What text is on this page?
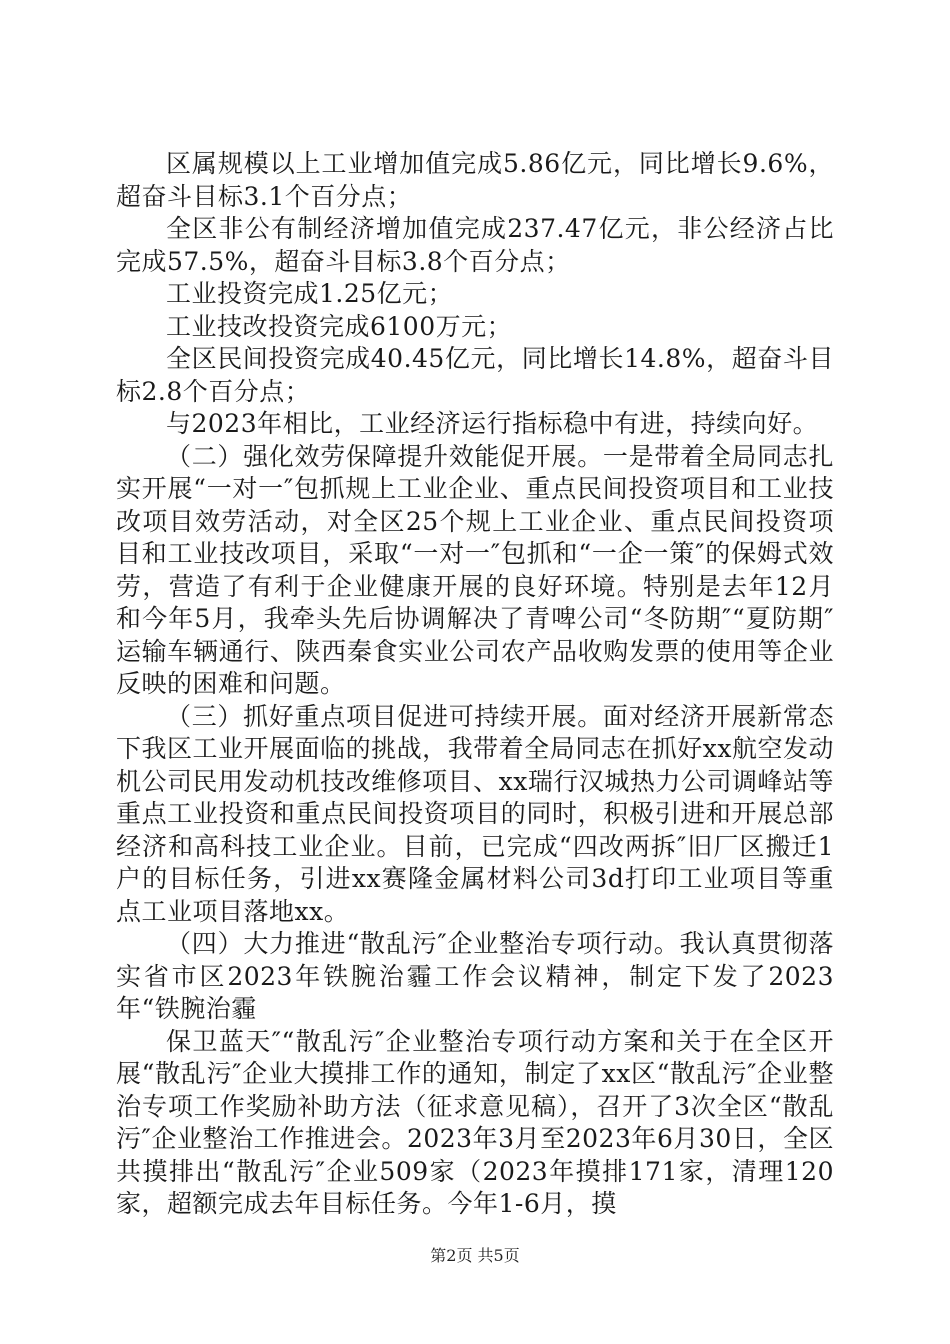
区属规模以上工业增加值完成5.86亿元，同比增长9.6%，超奋斗目标3.1个百分点；

全区非公有制经济增加值完成237.47亿元，非公经济占比完成57.5%，超奋斗目标3.8个百分点；

工业投资完成1.25亿元；

工业技改投资完成6100万元；

全区民间投资完成40.45亿元，同比增长14.8%，超奋斗目标2.8个百分点；

与2023年相比，工业经济运行指标稳中有进，持续向好。

（二）强化效劳保障提升效能促开展。一是带着全局同志扎实开展“一对一″包抓规上工业企业、重点民间投资项目和工业技改项目效劳活动，对全区25个规上工业企业、重点民间投资项目和工业技改项目，采取“一对一″包抓和“一企一策″的保姆式效劳，营造了有利于企业健康开展的良好环境。特别是去年12月和今年5月，我牵头先后协调解决了青啤公司“冬防期″“夏防期″运输车辆通行、陕西秦食实业公司农产品收购发票的使用等企业反映的困难和问题。

（三）抓好重点项目促进可持续开展。面对经济开展新常态下我区工业开展面临的挑战，我带着全局同志在抓好xx航空发动机公司民用发动机技改维修项目、xx瑞行汉城热力公司调峰站等重点工业投资和重点民间投资项目的同时，积极引进和开展总部经济和高科技工业企业。目前，已完成“四改两拆″旧厂区搬迁1户的目标任务，引进xx赛隆金属材料公司3d打印工业项目等重点工业项目落地xx。

（四）大力推进“散乱污″企业整治专项行动。我认真贯彻落实省市区2023年铁腕治霾工作会议精神，制定下发了2023年“铁腕治霾

保卫蓝天″“散乱污″企业整治专项行动方案和关于在全区开展“散乱污″企业大摸排工作的通知，制定了xx区“散乱污″企业整治专项工作奖励补助方法（征求意见稿），召开了3次全区“散乱污″企业整治工作推进会。2023年3月至2023年6月30日，全区共摸排出“散乱污″企业509家（2023年摸排171家，清理120家，超额完成去年目标任务。今年1-6月，摸

第2页 共5页
